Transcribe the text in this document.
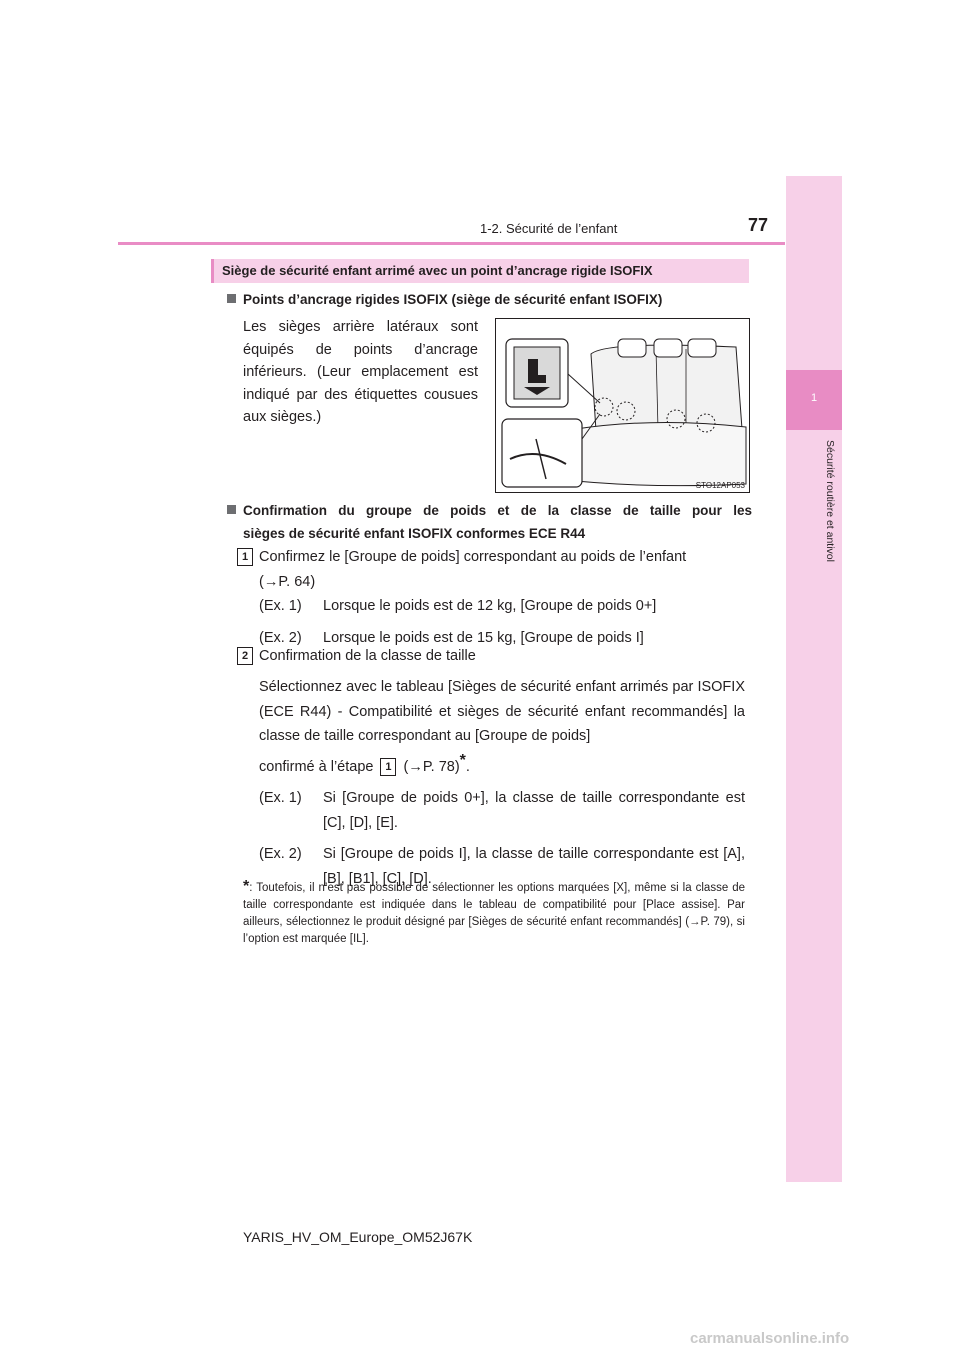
1-2. Sécurité de l’enfant	77
1
Sécurité routière et antivol
Siège de sécurité enfant arrimé avec un point d’ancrage rigide ISOFIX
Points d’ancrage rigides ISOFIX (siège de sécurité enfant ISOFIX)
Les sièges arrière latéraux sont équipés de points d’ancrage inférieurs. (Leur emplacement est indiqué par des étiquettes cousues aux sièges.)
STO12AP053
Confirmation du groupe de poids et de la classe de taille pour les
sièges de sécurité enfant ISOFIX conformes ECE R44
1 Confirmez le [Groupe de poids] correspondant au poids de l’enfant
(→P. 64)
(Ex. 1)	Lorsque le poids est de 12 kg, [Groupe de poids 0+]
(Ex. 2)	Lorsque le poids est de 15 kg, [Groupe de poids I]
2 Confirmation de la classe de taille
Sélectionnez avec le tableau [Sièges de sécurité enfant arrimés par ISOFIX (ECE R44) - Compatibilité et sièges de sécurité enfant recommandés] la classe de taille correspondant au [Groupe de poids]
confirmé à l’étape 1 (→P. 78)*.
(Ex. 1)	Si [Groupe de poids 0+], la classe de taille correspondante est [C], [D], [E].
(Ex. 2)	Si [Groupe de poids I], la classe de taille correspondante est [A], [B], [B1], [C], [D].
*: Toutefois, il n’est pas possible de sélectionner les options marquées [X], même si la classe de taille correspondante est indiquée dans le tableau de compatibilité pour [Place assise]. Par ailleurs, sélectionnez le produit désigné par [Sièges de sécurité enfant recommandés] (→P. 79), si l’option est marquée [IL].
YARIS_HV_OM_Europe_OM52J67K
carmanualsonline.info
